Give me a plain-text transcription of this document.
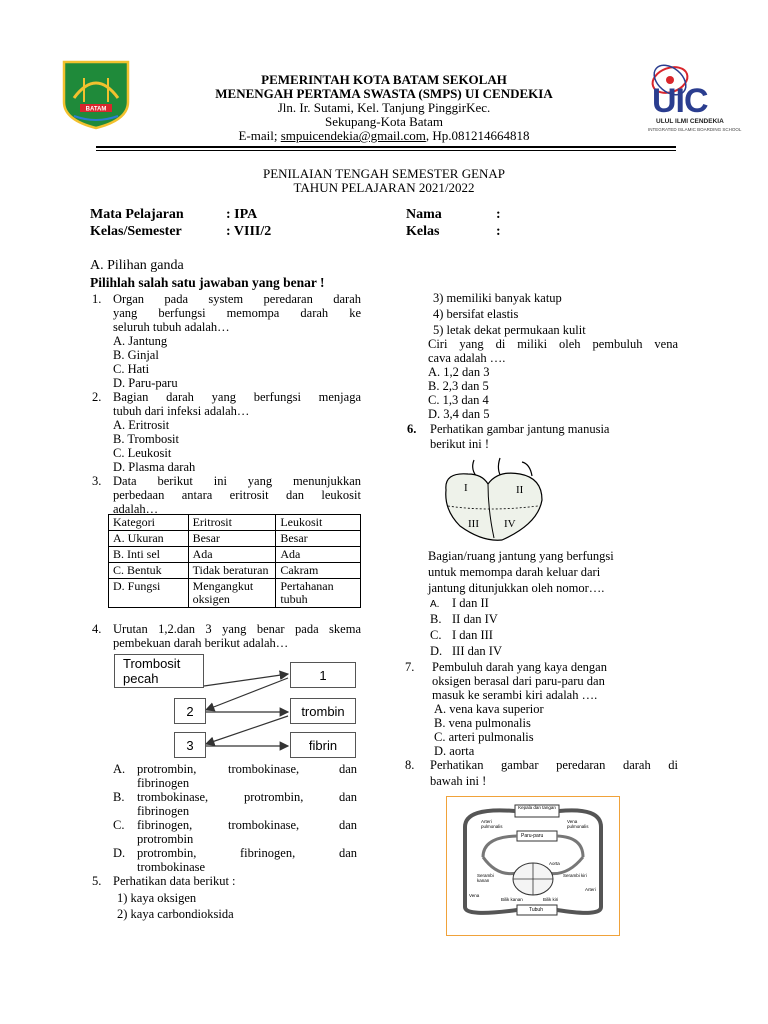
BATAM	UIC
ULUL ILMI CENDEKIA
INTEGRATED ISLAMIC BOARDING SCHOOL
PEMERINTAH KOTA BATAM SEKOLAH
MENENGAH PERTAMA SWASTA (SMPS) UI CENDEKIA
Jln. Ir. Sutami, Kel. Tanjung PinggirKec.
Sekupang-Kota Batam
E-mail; smpuicendekia@gmail.com, Hp.081214664818
PENILAIAN TENGAH SEMESTER GENAP
TAHUN PELAJARAN 2021/2022
Mata Pelajaran	: IPA
Kelas/Semester	: VIII/2
Nama	:
Kelas	:
A. Pilihan ganda
Pilihlah salah satu jawaban yang benar !
1. Organ pada system peredaran darah
yang berfungsi memompa darah ke
seluruh tubuh adalah…
A. Jantung
B. Ginjal
C. Hati
D. Paru-paru
2. Bagian darah yang berfungsi menjaga
tubuh dari infeksi adalah…
A. Eritrosit
B. Trombosit
C. Leukosit
D. Plasma darah
3. Data berikut ini yang menunjukkan
perbedaan antara eritrosit dan leukosit
adalah…
Kategori	Eritrosit	Leukosit
A. Ukuran	Besar	Besar
B. Inti sel	Ada	Ada
C. Bentuk	Tidak beraturan	Cakram
D. Fungsi	Mengangkut oksigen	Pertahanan tubuh
4. Urutan 1,2.dan 3 yang benar pada skema
pembekuan darah berikut adalah…
Trombosit pecah	1
2	trombin
3	fibrin
A. protrombin,	trombokinase,	dan
fibrinogen
B. trombokinase,	protrombin,	dan
fibrinogen
C. fibrinogen,	trombokinase,	dan
protrombin
D. protrombin,	fibrinogen,	dan
trombokinase
5. Perhatikan data berikut :
1) kaya oksigen
2) kaya carbondioksida
3) memiliki banyak katup
4) bersifat elastis
5) letak dekat permukaan kulit
Ciri yang di miliki oleh pembuluh vena
cava adalah ….
A. 1,2 dan 3
B. 2,3 dan 5
C. 1,3 dan 4
D. 3,4 dan 5
6. Perhatikan gambar jantung manusia
berikut ini !
I	II
III IV
Bagian/ruang jantung yang berfungsi
untuk memompa darah keluar dari
jantung ditunjukkan oleh nomor….
A. I dan II
B. II dan IV
C. I dan III
D. III dan IV
7. Pembuluh darah yang kaya dengan
oksigen berasal dari paru-paru dan
masuk ke serambi kiri adalah ….
A. vena kava superior
B. vena pulmonalis
C. arteri pulmonalis
D. aorta
8. Perhatikan gambar peredaran darah di
bawah ini !
Kepala dan tangan
Arteri pulmonalis
Vena pulmonalis
Paru-paru
Aorta
Serambi kanan
Serambi kiri
Vena
Arteri
Bilik kanan	Bilik kiri
Tubuh
